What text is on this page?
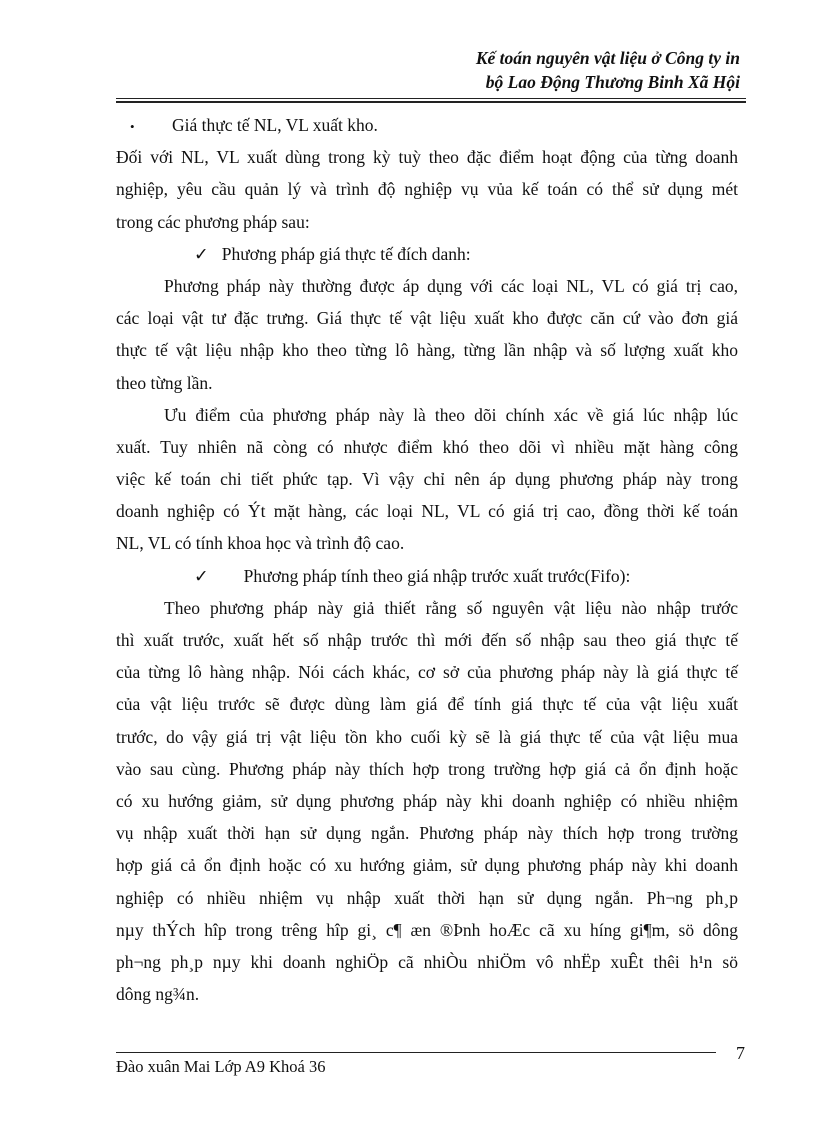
Kế toán nguyên vật liệu ở Công ty in
bộ Lao Động Thương Binh Xã Hội
• Giá thực tế NL, VL xuất kho.
Đối với NL, VL xuất dùng trong kỳ tuỳ theo đặc điểm hoạt động của từng doanh
nghiệp, yêu cầu quản lý và trình độ nghiệp vụ vủa kế toán có thể sử dụng mét
trong các phương pháp sau:
✓ Phương pháp giá thực tế đích danh:
Phương pháp này thường được áp dụng với các loại NL, VL có giá trị cao,
các loại vật tư đặc trưng. Giá thực tế vật liệu xuất kho được căn cứ vào đơn giá
thực tế vật liệu nhập kho theo từng lô hàng, từng lần nhập và số lượng xuất kho
theo từng lần.
Ưu điểm của phương pháp này là theo dõi chính xác về giá lúc nhập lúc
xuất. Tuy nhiên nã còng có nhược điểm khó theo dõi vì nhiều mặt hàng công
việc kế toán chi tiết phức tạp. Vì vậy chỉ nên áp dụng phương pháp này trong
doanh nghiệp có Ýt mặt hàng, các loại NL, VL có giá trị cao, đồng thời kế toán
NL, VL có tính khoa học và trình độ cao.
✓ Phương pháp tính theo giá nhập trước xuất trước(Fifo):
Theo phương pháp này giả thiết rằng số nguyên vật liệu nào nhập trước
thì xuất trước, xuất hết số nhập trước thì mới đến số nhập sau theo giá thực tế
của từng lô hàng nhập. Nói cách khác, cơ sở của phương pháp này là giá thực tế
của vật liệu trước sẽ được dùng làm giá để tính giá thực tế của vật liệu xuất
trước, do vậy giá trị vật liệu tồn kho cuối kỳ sẽ là giá thực tế của vật liệu mua
vào sau cùng. Phương pháp này thích hợp trong trường hợp giá cả ổn định hoặc
có xu hướng giảm, sử dụng phương pháp này khi doanh nghiệp có nhiều nhiệm
vụ nhập xuất thời hạn sử dụng ngắn. Phương pháp này thích hợp trong trường
hợp giá cả ổn định hoặc có xu hướng giảm, sử dụng phương pháp này khi doanh
nghiệp có nhiều nhiệm vụ nhập xuất thời hạn sử dụng ngắn. Ph¬ng ph¸p
nµy thÝch hîp trong trêng hîp gi¸ c¶ æn ®Þnh hoÆc cã xu híng gi¶m, sö dông
ph¬ng ph¸p nµy khi doanh nghiÖp cã nhiÒu nhiÖm vô nhËp xuÊt thêi h¹n sö
dông ng¾n.
7
Đào xuân Mai Lớp A9 Khoá 36
